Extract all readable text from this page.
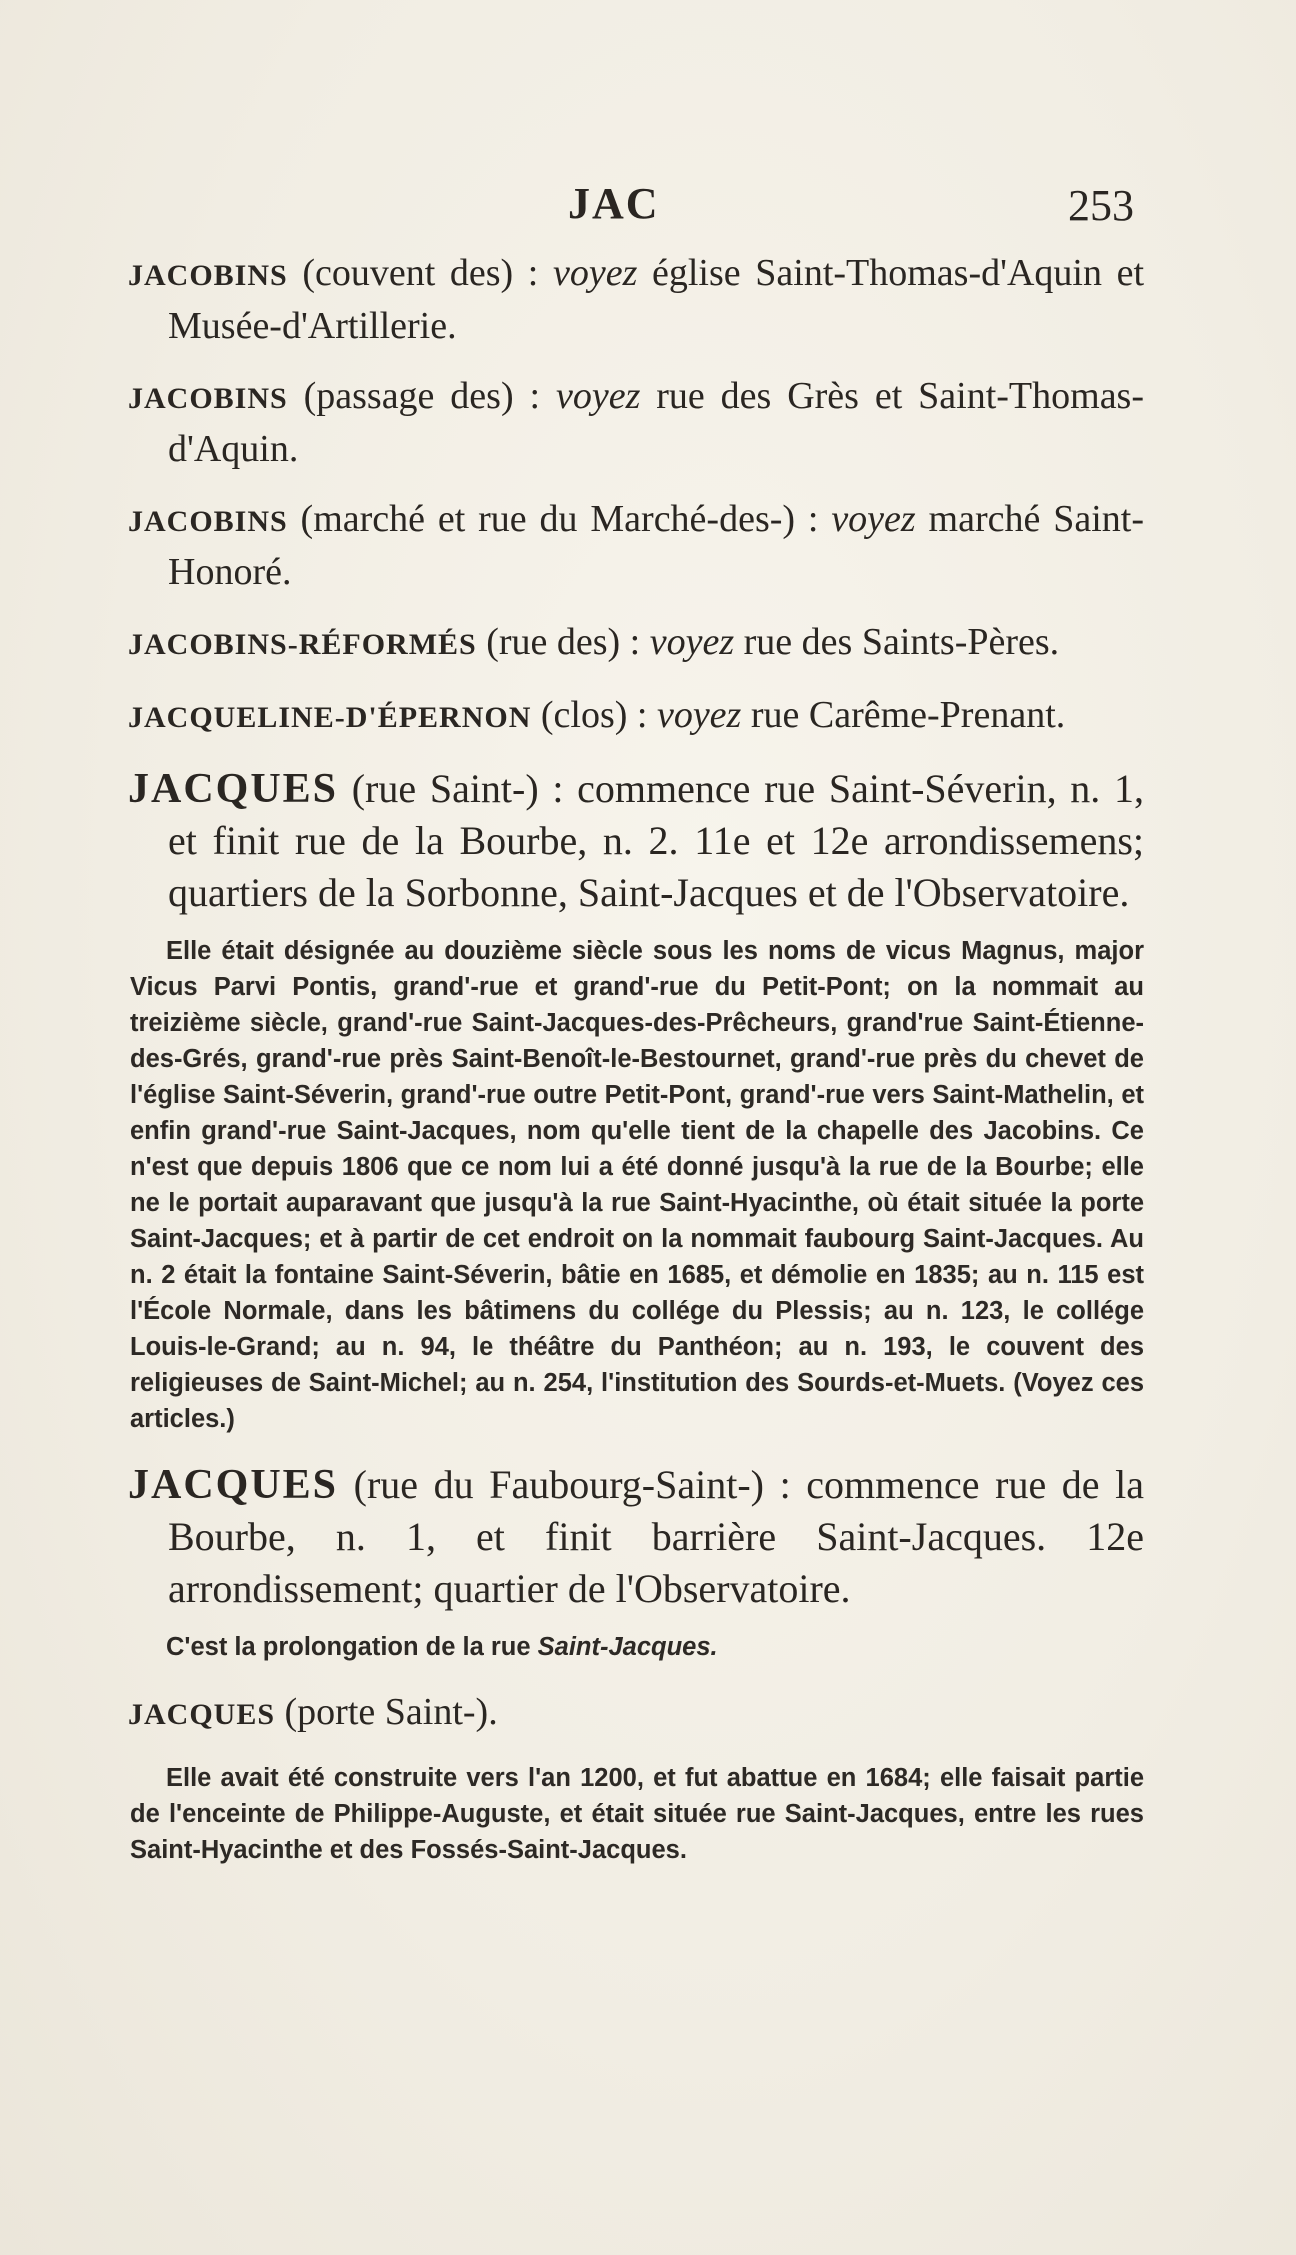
JAC	253

JACOBINS (couvent des) : voyez église Saint-Thomas-d'Aquin et Musée-d'Artillerie.

JACOBINS (passage des) : voyez rue des Grès et Saint-Thomas-d'Aquin.

JACOBINS (marché et rue du Marché-des-) : voyez marché Saint-Honoré.

JACOBINS-RÉFORMÉS (rue des) : voyez rue des Saints-Pères.

JACQUELINE-D'ÉPERNON (clos) : voyez rue Carême-Prenant.

JACQUES (rue Saint-) : commence rue Saint-Séverin, n. 1, et finit rue de la Bourbe, n. 2. 11e et 12e arrondissemens; quartiers de la Sorbonne, Saint-Jacques et de l'Observatoire.

Elle était désignée au douzième siècle sous les noms de vicus Magnus, major Vicus Parvi Pontis, grand'-rue et grand'-rue du Petit-Pont; on la nommait au treizième siècle, grand'-rue Saint-Jacques-des-Prêcheurs, grand'rue Saint-Étienne-des-Grés, grand'-rue près Saint-Benoît-le-Bestournet, grand'-rue près du chevet de l'église Saint-Séverin, grand'-rue outre Petit-Pont, grand'-rue vers Saint-Mathelin, et enfin grand'-rue Saint-Jacques, nom qu'elle tient de la chapelle des Jacobins. Ce n'est que depuis 1806 que ce nom lui a été donné jusqu'à la rue de la Bourbe; elle ne le portait auparavant que jusqu'à la rue Saint-Hyacinthe, où était située la porte Saint-Jacques; et à partir de cet endroit on la nommait faubourg Saint-Jacques. Au n. 2 était la fontaine Saint-Séverin, bâtie en 1685, et démolie en 1835; au n. 115 est l'École Normale, dans les bâtimens du collége du Plessis; au n. 123, le collége Louis-le-Grand; au n. 94, le théâtre du Panthéon; au n. 193, le couvent des religieuses de Saint-Michel; au n. 254, l'institution des Sourds-et-Muets. (Voyez ces articles.)

JACQUES (rue du Faubourg-Saint-) : commence rue de la Bourbe, n. 1, et finit barrière Saint-Jacques. 12e arrondissement; quartier de l'Observatoire.

C'est la prolongation de la rue Saint-Jacques.

JACQUES (porte Saint-).

Elle avait été construite vers l'an 1200, et fut abattue en 1684; elle faisait partie de l'enceinte de Philippe-Auguste, et était située rue Saint-Jacques, entre les rues Saint-Hyacinthe et des Fossés-Saint-Jacques.
